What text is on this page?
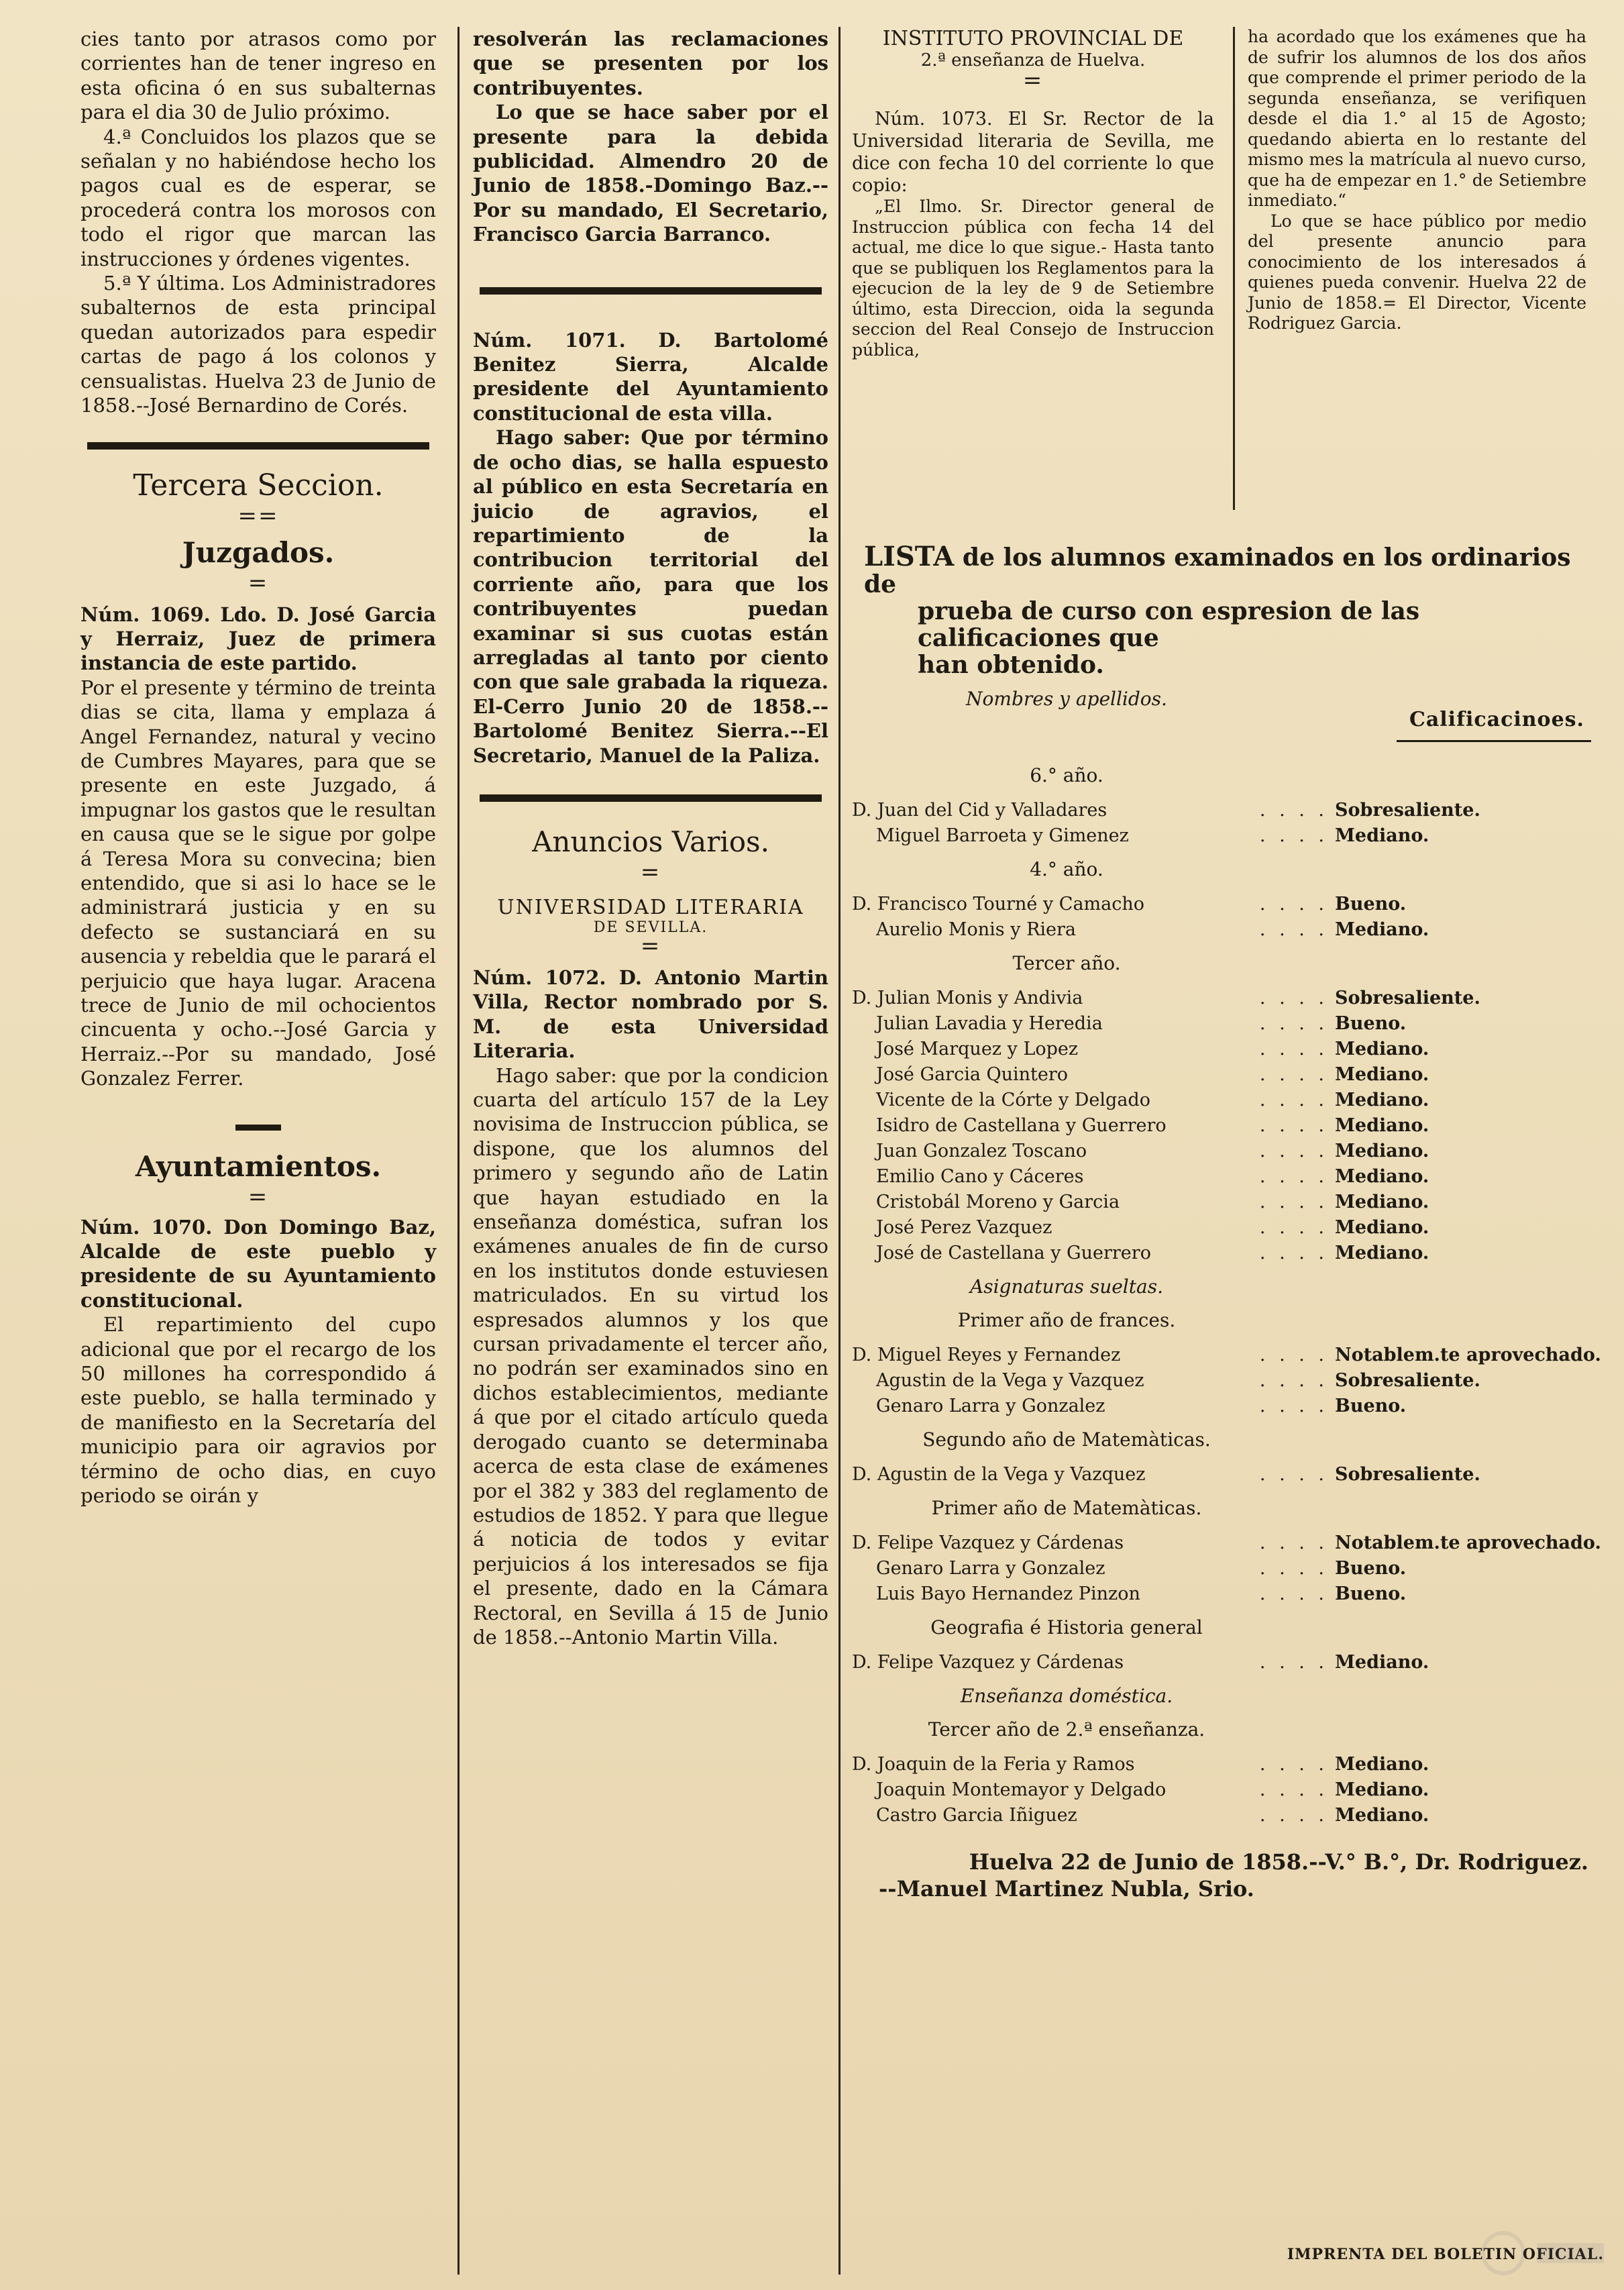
cies tanto por atrasos como por corrientes han de tener ingreso en esta oficina ó en sus subalternas para el dia 30 de Julio próximo.

4.ª Concluidos los plazos que se señalan y no habiéndose hecho los pagos cual es de esperar, se procederá contra los morosos con todo el rigor que marcan las instrucciones y órdenes vigentes.

5.ª Y última. Los Administradores subalternos de esta principal quedan autorizados para espedir cartas de pago á los colonos y censualistas. Huelva 23 de Junio de 1858.--José Bernardino de Corés.

Tercera Seccion.
==
Juzgados.
=

Núm. 1069. Ldo. D. José Garcia y Herraiz, Juez de primera instancia de este partido.

Por el presente y término de treinta dias se cita, llama y emplaza á Angel Fernandez, natural y vecino de Cumbres Mayares, para que se presente en este Juzgado, á impugnar los gastos que le resultan en causa que se le sigue por golpe á Teresa Mora su convecina; bien entendido, que si asi lo hace se le administrará justicia y en su defecto se sustanciará en su ausencia y rebeldia que le parará el perjuicio que haya lugar. Aracena trece de Junio de mil ochocientos cincuenta y ocho.--José Garcia y Herraiz.--Por su mandado, José Gonzalez Ferrer.

Ayuntamientos.
=

Núm. 1070. Don Domingo Baz, Alcalde de este pueblo y presidente de su Ayuntamiento constitucional.

El repartimiento del cupo adicional que por el recargo de los 50 millones ha correspondido á este pueblo, se halla terminado y de manifiesto en la Secretaría del municipio para oir agravios por término de ocho dias, en cuyo periodo se oirán y

resolverán las reclamaciones que se presenten por los contribuyentes.

Lo que se hace saber por el presente para la debida publicidad. Almendro 20 de Junio de 1858.-Domingo Baz.--Por su mandado, El Secretario, Francisco Garcia Barranco.

Núm. 1071. D. Bartolomé Benitez Sierra, Alcalde presidente del Ayuntamiento constitucional de esta villa.

Hago saber: Que por término de ocho dias, se halla espuesto al público en esta Secretaría en juicio de agravios, el repartimiento de la contribucion territorial del corriente año, para que los contribuyentes puedan examinar si sus cuotas están arregladas al tanto por ciento con que sale grabada la riqueza. El-Cerro Junio 20 de 1858.--Bartolomé Benitez Sierra.--El Secretario, Manuel de la Paliza.

Anuncios Varios.
=
UNIVERSIDAD LITERARIA
DE SEVILLA.
=

Núm. 1072. D. Antonio Martin Villa, Rector nombrado por S. M. de esta Universidad Literaria.

Hago saber: que por la condicion cuarta del artículo 157 de la Ley novisima de Instruccion pública, se dispone, que los alumnos del primero y segundo año de Latin que hayan estudiado en la enseñanza doméstica, sufran los exámenes anuales de fin de curso en los institutos donde estuviesen matriculados. En su virtud los espresados alumnos y los que cursan privadamente el tercer año, no podrán ser examinados sino en dichos establecimientos, mediante á que por el citado artículo queda derogado cuanto se determinaba acerca de esta clase de exámenes por el 382 y 383 del reglamento de estudios de 1852. Y para que llegue á noticia de todos y evitar perjuicios á los interesados se fija el presente, dado en la Cámara Rectoral, en Sevilla á 15 de Junio de 1858.--Antonio Martin Villa.

INSTITUTO PROVINCIAL DE
2.ª enseñanza de Huelva.
=

Núm. 1073. El Sr. Rector de la Universidad literaria de Sevilla, me dice con fecha 10 del corriente lo que copio:

„El Ilmo. Sr. Director general de Instruccion pública con fecha 14 del actual, me dice lo que sigue.- Hasta tanto que se publiquen los Reglamentos para la ejecucion de la ley de 9 de Setiembre último, esta Direccion, oida la segunda seccion del Real Consejo de Instruccion pública,

ha acordado que los exámenes que ha de sufrir los alumnos de los dos años que comprende el primer periodo de la segunda enseñanza, se verifiquen desde el dia 1.° al 15 de Agosto; quedando abierta en lo restante del mismo mes la matrícula al nuevo curso, que ha de empezar en 1.° de Setiembre inmediato.“

Lo que se hace público por medio del presente anuncio para conocimiento de los interesados á quienes pueda convenir. Huelva 22 de Junio de 1858.= El Director, Vicente Rodriguez Garcia.

LISTA de los alumnos examinados en los ordinarios de
prueba de curso con espresion de las calificaciones que
han obtenido.
Nombres y apellidos.
Calificacinoes.
6.° año.
D. Juan del Cid y Valladares	. . . . Sobresaliente.
Miguel Barroeta y Gimenez	. . . . Mediano.
4.° año.
D. Francisco Tourné y Camacho	. . . . Bueno.
Aurelio Monis y Riera	. . . . Mediano.
Tercer año.
D. Julian Monis y Andivia	. . . . Sobresaliente.
Julian Lavadia y Heredia	. . . . Bueno.
José Marquez y Lopez	. . . . Mediano.
José Garcia Quintero	. . . . Mediano.
Vicente de la Córte y Delgado	. . . . Mediano.
Isidro de Castellana y Guerrero	. . . . Mediano.
Juan Gonzalez Toscano	. . . . Mediano.
Emilio Cano y Cáceres	. . . . Mediano.
Cristobál Moreno y Garcia	. . . . Mediano.
José Perez Vazquez	. . . . Mediano.
José de Castellana y Guerrero	. . . . Mediano.
Asignaturas sueltas.
Primer año de frances.
D. Miguel Reyes y Fernandez	. . . . Notablem.te aprovechado.
Agustin de la Vega y Vazquez	. . . . Sobresaliente.
Genaro Larra y Gonzalez	. . . . Bueno.
Segundo año de Matemàticas.
D. Agustin de la Vega y Vazquez	. . . . Sobresaliente.
Primer año de Matemàticas.
D. Felipe Vazquez y Cárdenas	. . . . Notablem.te aprovechado.
Genaro Larra y Gonzalez	. . . . Bueno.
Luis Bayo Hernandez Pinzon	. . . . Bueno.
Geografia é Historia general
D. Felipe Vazquez y Cárdenas	. . . . Mediano.
Enseñanza doméstica.
Tercer año de 2.ª enseñanza.
D. Joaquin de la Feria y Ramos	. . . . Mediano.
Joaquin Montemayor y Delgado	. . . . Mediano.
Castro Garcia Iñiguez	. . . . Mediano.
Huelva 22 de Junio de 1858.--V.° B.°, Dr. Rodriguez.
--Manuel Martinez Nubla, Srio.
IMPRENTA DEL BOLETIN OFICIAL.
